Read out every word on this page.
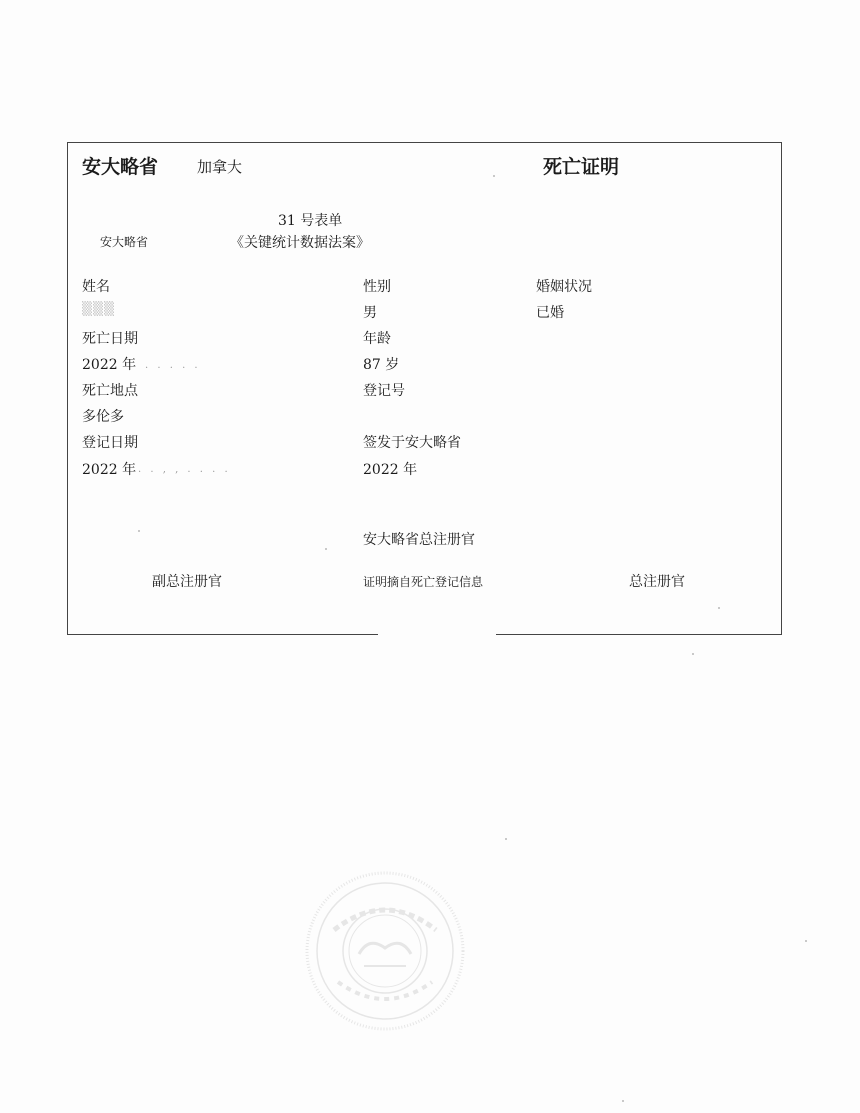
安大略省	加拿大	死亡证明
31 号表单
安大略省	《关键统计数据法案》
姓名	性别	婚姻状况
▒▒▒	男	已婚
死亡日期	年龄
2022 年 . . . . .	87 岁
死亡地点	登记号
多伦多
登记日期	签发于安大略省
2022 年 . . , , . . . .	2022 年
安大略省总注册官
副总注册官	证明摘自死亡登记信息	总注册官
